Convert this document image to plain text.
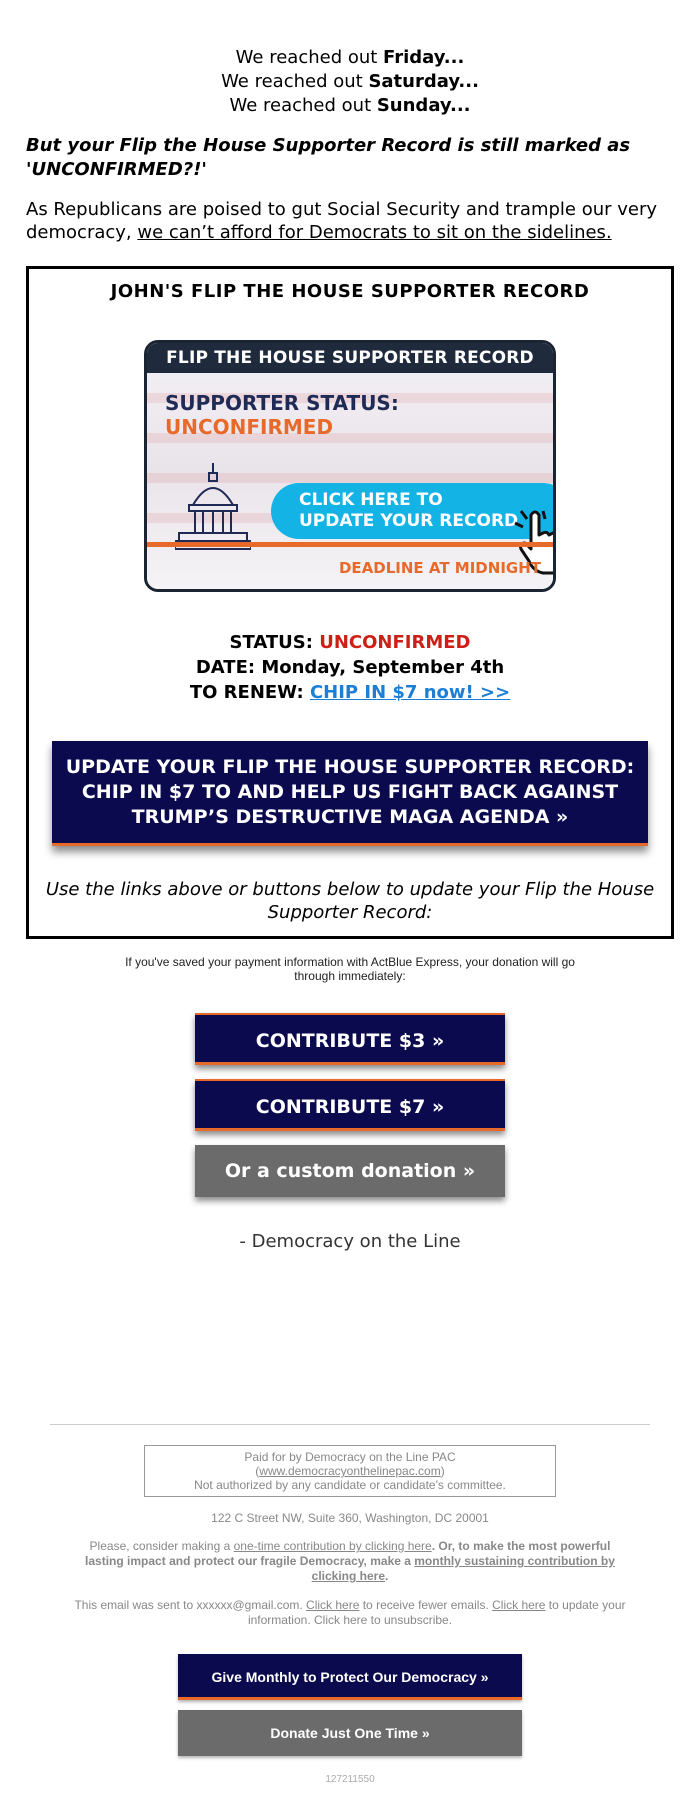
We reached out Friday...
We reached out Saturday...
We reached out Sunday...
But your Flip the House Supporter Record is still marked as 'UNCONFIRMED?!'
As Republicans are poised to gut Social Security and trample our very democracy, we can’t afford for Democrats to sit on the sidelines.
JOHN'S FLIP THE HOUSE SUPPORTER RECORD
FLIP THE HOUSE SUPPORTER RECORD
SUPPORTER STATUS:
UNCONFIRMED
CLICK HERE TO
UPDATE YOUR RECORD
DEADLINE AT MIDNIGHT
STATUS: UNCONFIRMED
DATE: Monday, September 4th
TO RENEW: CHIP IN $7 now! >>
UPDATE YOUR FLIP THE HOUSE SUPPORTER RECORD:
CHIP IN $7 TO AND HELP US FIGHT BACK AGAINST
TRUMP’S DESTRUCTIVE MAGA AGENDA »
Use the links above or buttons below to update your Flip the House Supporter Record:
If you've saved your payment information with ActBlue Express, your donation will go through immediately:
CONTRIBUTE $3 »
CONTRIBUTE $7 »
Or a custom donation »
- Democracy on the Line
Paid for by Democracy on the Line PAC
(www.democracyonthelinepac.com)
Not authorized by any candidate or candidate's committee.
122 C Street NW, Suite 360, Washington, DC 20001
Please, consider making a one-time contribution by clicking here. Or, to make the most powerful lasting impact and protect our fragile Democracy, make a monthly sustaining contribution by clicking here.
This email was sent to xxxxxx@gmail.com. Click here to receive fewer emails. Click here to update your information. Click here to unsubscribe.
Give Monthly to Protect Our Democracy »
Donate Just One Time »
127211550
